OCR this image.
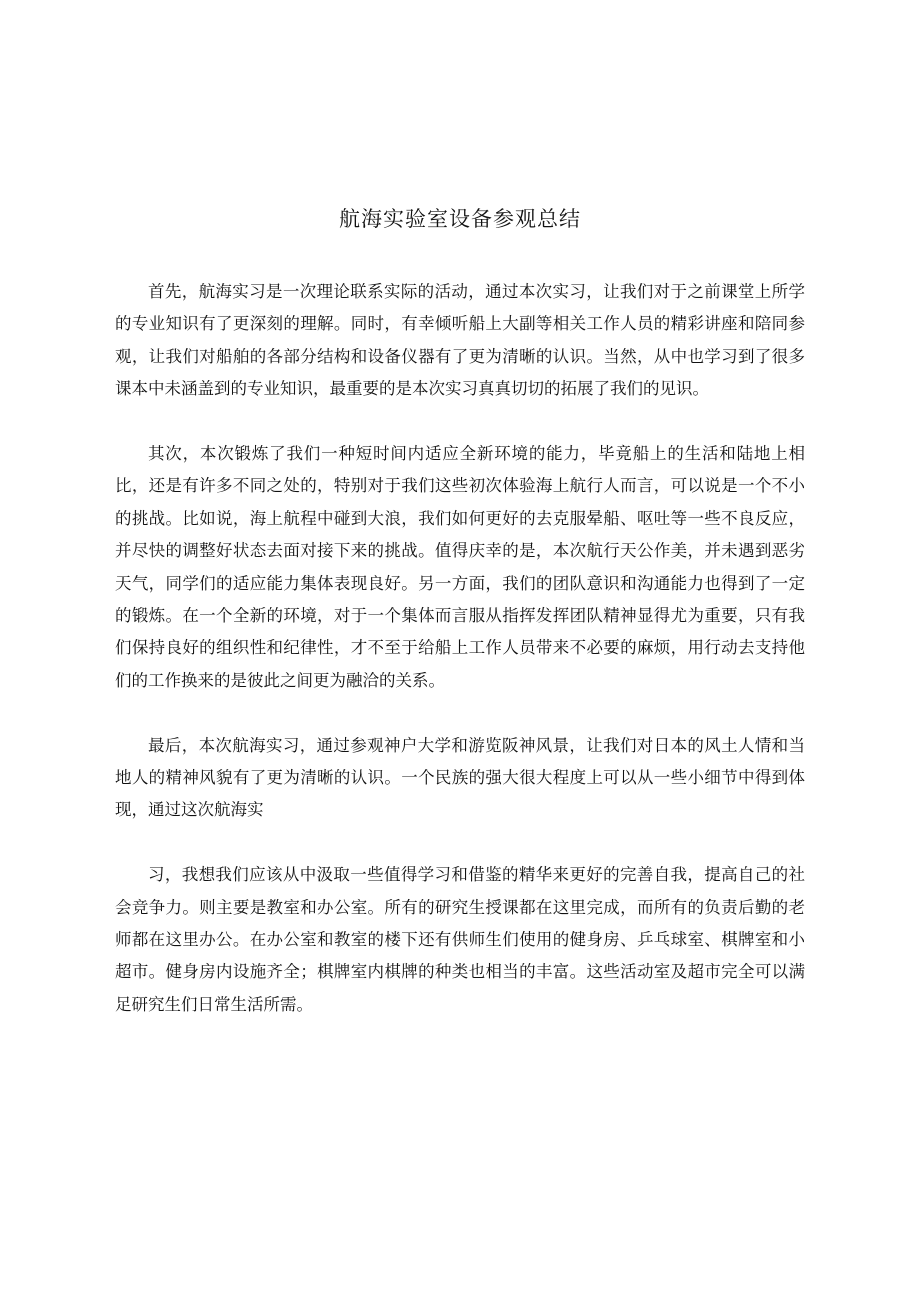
航海实验室设备参观总结

首先，航海实习是一次理论联系实际的活动，通过本次实习，让我们对于之前课堂上所学的专业知识有了更深刻的理解。同时，有幸倾听船上大副等相关工作人员的精彩讲座和陪同参观，让我们对船舶的各部分结构和设备仪器有了更为清晰的认识。当然，从中也学习到了很多课本中未涵盖到的专业知识，最重要的是本次实习真真切切的拓展了我们的见识。

其次，本次锻炼了我们一种短时间内适应全新环境的能力，毕竟船上的生活和陆地上相比，还是有许多不同之处的，特别对于我们这些初次体验海上航行人而言，可以说是一个不小的挑战。比如说，海上航程中碰到大浪，我们如何更好的去克服晕船、呕吐等一些不良反应，并尽快的调整好状态去面对接下来的挑战。值得庆幸的是，本次航行天公作美，并未遇到恶劣天气，同学们的适应能力集体表现良好。另一方面，我们的团队意识和沟通能力也得到了一定的锻炼。在一个全新的环境，对于一个集体而言服从指挥发挥团队精神显得尤为重要，只有我们保持良好的组织性和纪律性，才不至于给船上工作人员带来不必要的麻烦，用行动去支持他们的工作换来的是彼此之间更为融洽的关系。

最后，本次航海实习，通过参观神户大学和游览阪神风景，让我们对日本的风土人情和当地人的精神风貌有了更为清晰的认识。一个民族的强大很大程度上可以从一些小细节中得到体现，通过这次航海实

习，我想我们应该从中汲取一些值得学习和借鉴的精华来更好的完善自我，提高自己的社会竞争力。则主要是教室和办公室。所有的研究生授课都在这里完成，而所有的负责后勤的老师都在这里办公。在办公室和教室的楼下还有供师生们使用的健身房、乒乓球室、棋牌室和小超市。健身房内设施齐全；棋牌室内棋牌的种类也相当的丰富。这些活动室及超市完全可以满足研究生们日常生活所需。
